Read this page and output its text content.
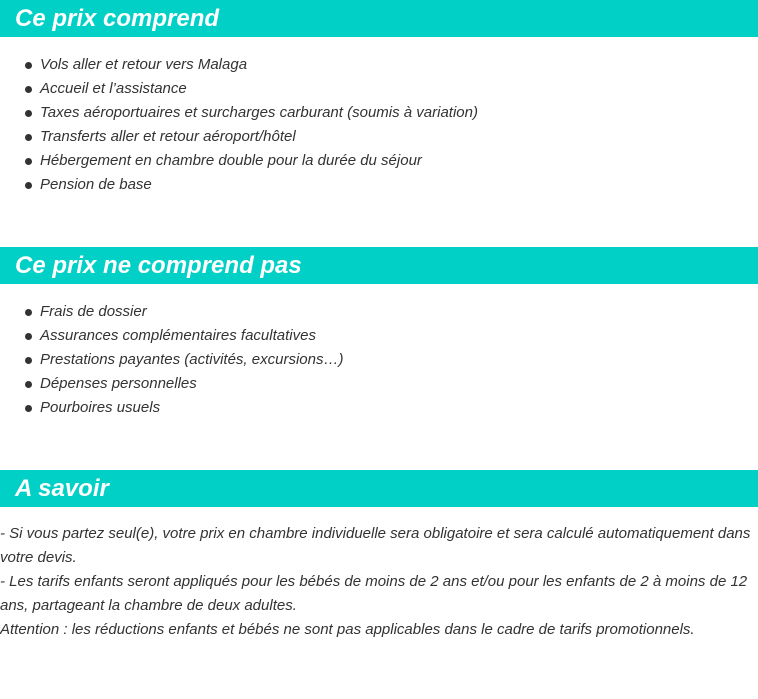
Ce prix comprend
Vols aller et retour vers Malaga
Accueil et l’assistance
Taxes aéroportuaires et surcharges carburant (soumis à variation)
Transferts aller et retour aéroport/hôtel
Hébergement en chambre double pour la durée du séjour
Pension de base
Ce prix ne comprend pas
Frais de dossier
Assurances complémentaires facultatives
Prestations payantes (activités, excursions…)
Dépenses personnelles
Pourboires usuels
A savoir

- Si vous partez seul(e), votre prix en chambre individuelle sera obligatoire et sera calculé automatiquement dans votre devis.

- Les tarifs enfants seront appliqués pour les bébés de moins de 2 ans et/ou pour les enfants de 2 à moins de 12 ans, partageant la chambre de deux adultes.

Attention : les réductions enfants et bébés ne sont pas applicables dans le cadre de tarifs promotionnels.
